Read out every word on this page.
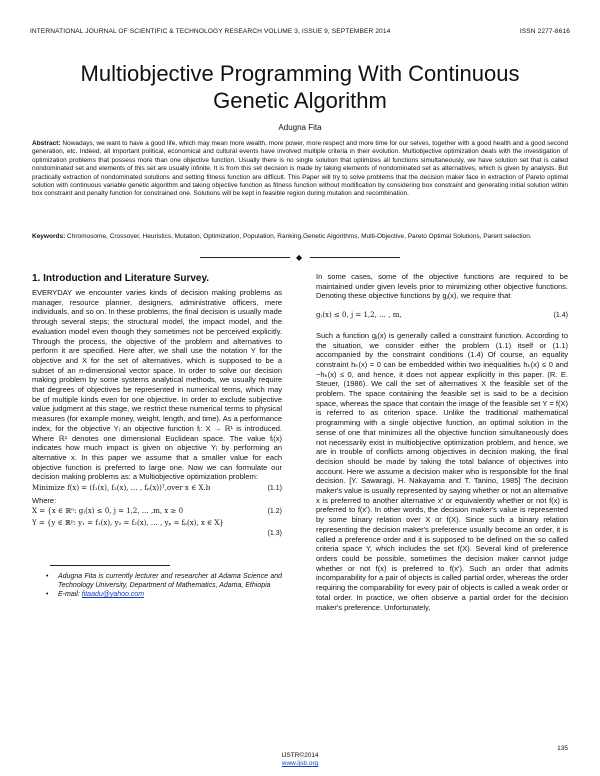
INTERNATIONAL JOURNAL OF SCIENTIFIC & TECHNOLOGY RESEARCH VOLUME 3, ISSUE 9, SEPTEMBER 2014	ISSN 2277-8616
Multiobjective Programming With Continuous
Genetic Algorithm
Adugna Fita
Abstract: Nowadays, we want to have a good life, which may mean more wealth, more power, more respect and more time for our selves, together with a good health and a good second generation, etc. Indeed, all important political, economical and cultural events have involved multiple criteria in their evolution. Multiobjective optimization deals with the investigation of optimization problems that possess more than one objective function. Usually there is no single solution that optimizes all functions simultaneously, we have solution set that is called nondominated set and elements of this set are usually infinite. It is from this set decision is made by taking elements of nondominated set as alternatives, which is given by analysts. But practically extraction of nondominated solutions and setting fitness function are difficult. This Paper will try to solve problems that the decision maker face in extraction of Pareto optimal solution with continuous variable genetic algorithm and taking objective function as fitness function without modification by considering box constraint and generating initial solution within box constraint and penalty function for constrained one. Solutions will be kept in feasible region during mutation and recombination.
Keywords: Chromosome, Crossover, Heuristics, Mutation, Optimization, Population, Ranking,Genetic Algorithms, Multi-Objective, Pareto Optimal Solutions, Parent selection.
◆
1. Introduction and Literature Survey.

EVERYDAY we encounter varies kinds of decision making problems as manager, resource planner, designers, administrative officers, mere individuals, and so on. In these problems, the final decision is usually made through several steps; the structural model, the impact model, and the evaluation model even though they sometimes not be perceived explicitly. Through the process, the objective of the problem and alternatives to perform it are specified. Here after, we shall use the notation Y for the objective and X for the set of alternatives, which is supposed to be a subset of an n-dimensional vector space. In order to solve our decision making problem by some systems analytical methods, we usually require that degrees of objectives be represented in numerical terms, which may be of multiple kinds even for one objective. In order to exclude subjective value judgment at this stage, we restrict these numerical terms to physical measures (for example money, weight, length, and time). As a performance index, for the objective Yᵢ an objective function fᵢ: X → ℝ¹ is introduced. Where ℝ¹ denotes one dimensional Euclidean space. The value fᵢ(x) indicates how much impact is given on objective Yᵢ by performing an alternative x. In this paper we assume that a smaller value for each objective function is preferred to large one. Now we can formulate our decision making problems as: a Multiobjective optimization problem:

Minimize f(x) = (f₁(x), f₂(x), … , fₚ(x))ᵀ,over x ∈ X.b	(1.1)

Where:

X = {x ∈ ℝⁿ: gⱼ(x) ≤ 0, j = 1,2, … ,m, x ≥ 0	(1.2)
Y = {y ∈ ℝᵖ: y₁ = f₁(x), y₂ = f₂(x), … , yₚ = fₚ(x), x ∈ X}
(1.3)
• Adugna Fita is currently lecturer and researcher at Adama Science and Technology University, Department of Mathematics, Adama, Ethiopia
• E-mail: fitaadu@yahoo.com

In some cases, some of the objective functions are required to be maintained under given levels prior to minimizing other objective functions. Denoting these objective functions by gⱼ(x), we require that

gⱼ(x) ≤ 0, j = 1,2, … , m,	(1.4)

Such a function gⱼ(x) is generally called a constraint function. According to the situation, we consider either the problem (1.1) itself or (1.1) accompanied by the constraint conditions (1.4) Of course, an equality constraint hₖ(x) = 0 can be embedded within two inequalities hₖ(x) ≤ 0 and −hₖ(x) ≤ 0, and hence, it does not appear explicitly in this paper. (R. E. Steuer, (1986). We call the set of alternatives X the feasible set of the problem. The space containing the feasible set is said to be a decision space, whereas the space that contain the image of the feasible set Y = f(X) is referred to as criterion space. Unlike the traditional mathematical programming with a single objective function, an optimal solution in the sense of one that minimizes all the objective function simultaneously does not necessarily exist in multiobjective optimization problem, and hence, we are in trouble of conflicts among objectives in decision making, the final decision should be made by taking the total balance of objectives into account. Here we assume a decision maker who is responsible for the final decision. [Y. Sawaragi, H. Nakayama and T. Tanino, 1985] The decision maker's value is usually represented by saying whether or not an alternative x is preferred to another alternative x′ or equivalently whether or not f(x) is preferred to f(x′). In other words, the decision maker's value is represented by some binary relation over X or f(X). Since such a binary relation representing the decision maker's preference usually become an order, it is called a preference order and it is supposed to be defined on the so called criteria space Y, which includes the set f(X). Several kind of preference orders could be possible, sometimes the decision maker cannot judge whether or not f(x) is preferred to f(x′). Such an order that admits incomparability for a pair of objects is called partial order, whereas the order requiring the comparability for every pair of objects is called a weak order or total order. In practice, we often observe a partial order for the decision maker's preference. Unfortunately,

135
IJSTR©2014
www.ijstr.org
